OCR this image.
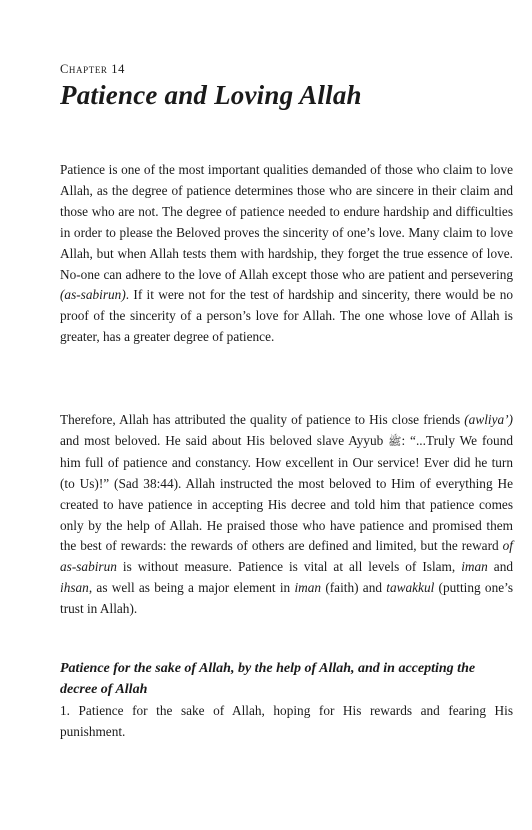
Chapter 14
Patience and Loving Allah

Patience is one of the most important qualities demanded of those who claim to love Allah, as the degree of patience determines those who are sincere in their claim and those who are not. The degree of patience needed to endure hardship and difficulties in order to please the Beloved proves the sincerity of one’s love. Many claim to love Allah, but when Allah tests them with hardship, they forget the true essence of love. No-one can adhere to the love of Allah except those who are patient and persevering (as-sabirun). If it were not for the test of hardship and sincerity, there would be no proof of the sincerity of a person’s love for Allah. The one whose love of Allah is greater, has a greater degree of patience.

Therefore, Allah has attributed the quality of patience to His close friends (awliya’) and most beloved. He said about His beloved slave Ayyub ﷺ: “...Truly We found him full of patience and constancy. How excellent in Our service! Ever did he turn (to Us)!” (Sad 38:44). Allah instructed the most beloved to Him of everything He created to have patience in accepting His decree and told him that patience comes only by the help of Allah. He praised those who have patience and promised them the best of rewards: the rewards of others are defined and limited, but the reward of as-sabirun is without measure. Patience is vital at all levels of Islam, iman and ihsan, as well as being a major element in iman (faith) and tawakkul (putting one’s trust in Allah).

Patience for the sake of Allah, by the help of Allah, and in accepting the decree of Allah

1. Patience for the sake of Allah, hoping for His rewards and fearing His punishment.
